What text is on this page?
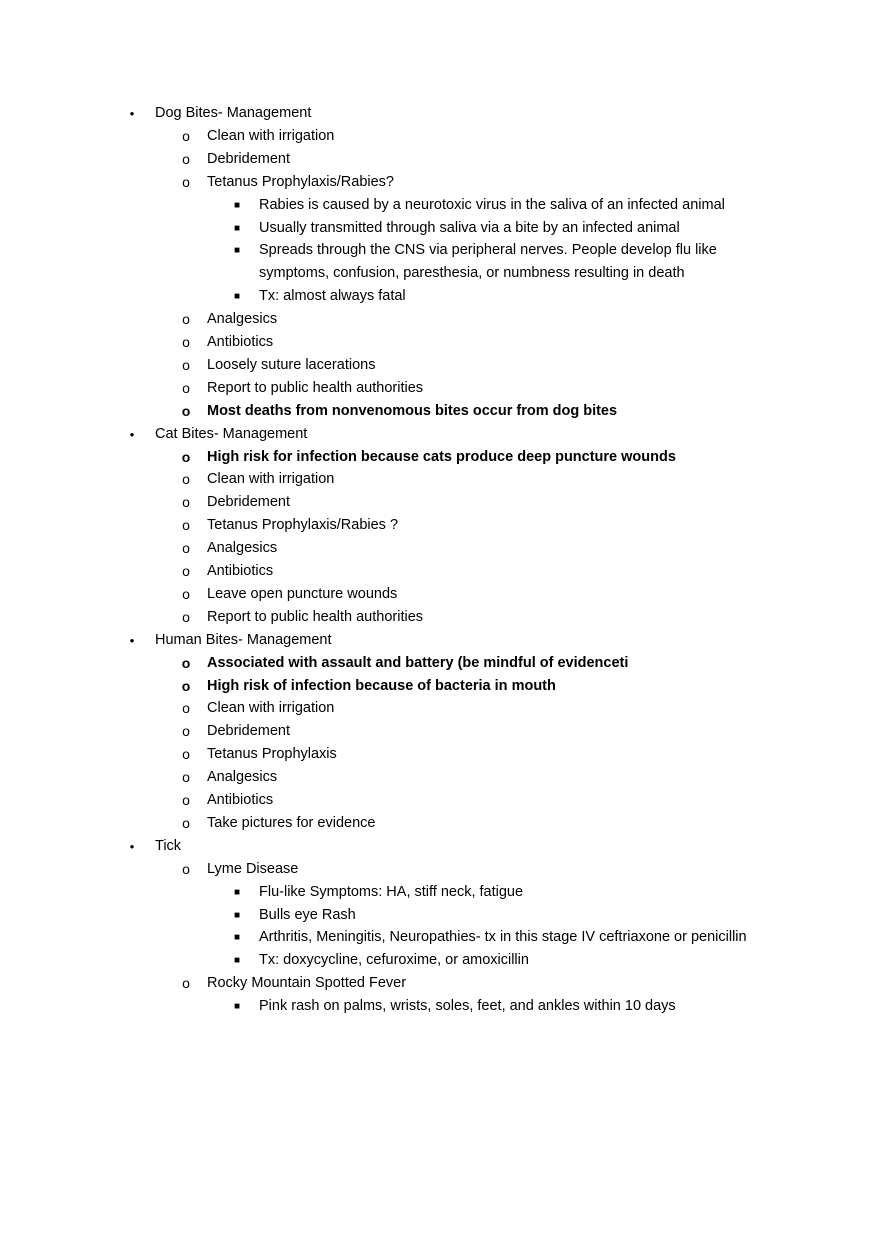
•	Dog Bites- Management
o Clean with irrigation
o Debridement
o Tetanus Prophylaxis/Rabies?
■	Rabies is caused by a neurotoxic virus in the saliva of an infected animal
■	Usually transmitted through saliva via a bite by an infected animal
■	Spreads through the CNS via peripheral nerves. People develop flu like
symptoms, confusion, paresthesia, or numbness resulting in death
■	Tx: almost always fatal
o Analgesics
o Antibiotics
o Loosely suture lacerations
o Report to public health authorities
o Most deaths from nonvenomous bites occur from dog bites
•	Cat Bites- Management
o High risk for infection because cats produce deep puncture wounds
o Clean with irrigation
o Debridement
o Tetanus Prophylaxis/Rabies ?
o Analgesics
o Antibiotics
o Leave open puncture wounds
o Report to public health authorities
•	Human Bites- Management
o Associated with assault and battery (be mindful of evidenceti
o High risk of infection because of bacteria in mouth
o Clean with irrigation
o Debridement
o Tetanus Prophylaxis
o Analgesics
o Antibiotics
o Take pictures for evidence
•	Tick
o Lyme Disease
■	Flu-like Symptoms: HA, stiff neck, fatigue
■	Bulls eye Rash
■	Arthritis, Meningitis, Neuropathies- tx in this stage IV ceftriaxone or penicillin
■	Tx: doxycycline, cefuroxime, or amoxicillin
o Rocky Mountain Spotted Fever
■	Pink rash on palms, wrists, soles, feet, and ankles within 10 days
